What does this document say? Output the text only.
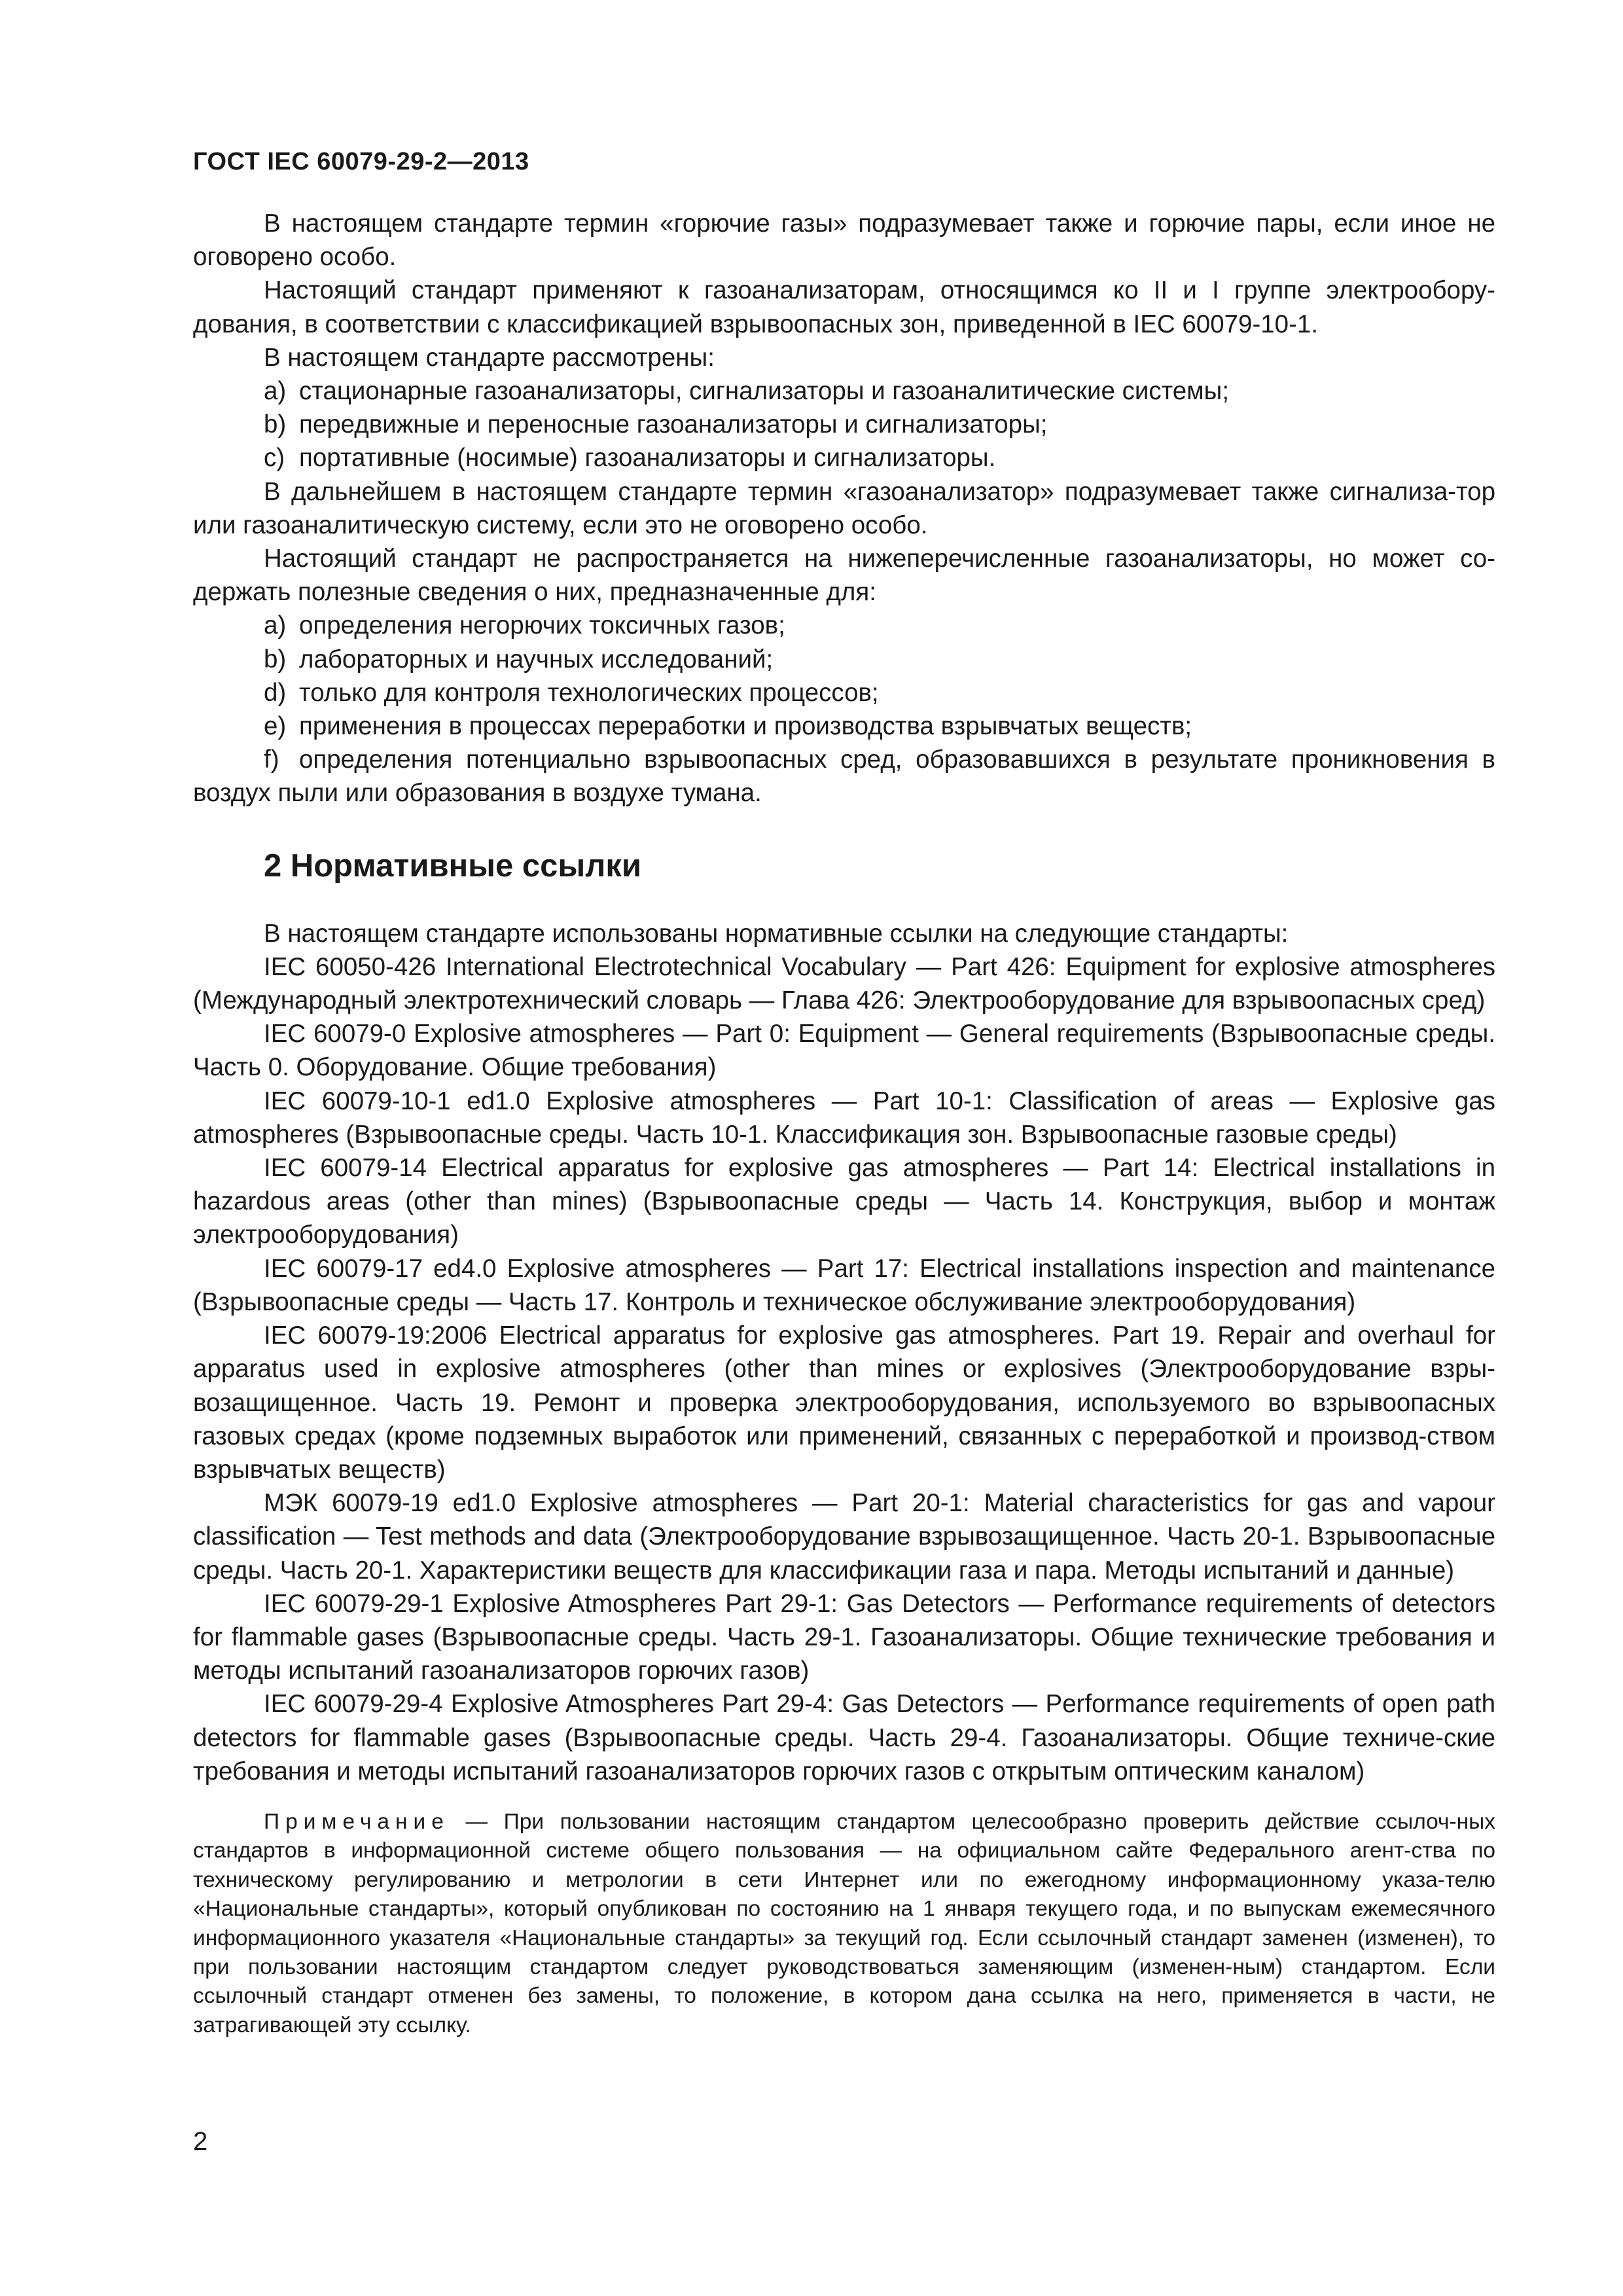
ГОСТ IEC 60079-29-2—2013

В настоящем стандарте термин «горючие газы» подразумевает также и горючие пары, если иное не оговорено особо.

Настоящий стандарт применяют к газоанализаторам, относящимся ко II и I группе электрообору-дования, в соответствии с классификацией взрывоопасных зон, приведенной в IEC 60079-10-1.

В настоящем стандарте рассмотрены:

a) стационарные газоанализаторы, сигнализаторы и газоаналитические системы;
b) передвижные и переносные газоанализаторы и сигнализаторы;
c) портативные (носимые) газоанализаторы и сигнализаторы.

В дальнейшем в настоящем стандарте термин «газоанализатор» подразумевает также сигнализа-тор или газоаналитическую систему, если это не оговорено особо.

Настоящий стандарт не распространяется на нижеперечисленные газоанализаторы, но может со-держать полезные сведения о них, предназначенные для:

a) определения негорючих токсичных газов;
b) лабораторных и научных исследований;
d) только для контроля технологических процессов;
e) применения в процессах переработки и производства взрывчатых веществ;

f) определения потенциально взрывоопасных сред, образовавшихся в результате проникновения в воздух пыли или образования в воздухе тумана.

2 Нормативные ссылки

В настоящем стандарте использованы нормативные ссылки на следующие стандарты:

IEC 60050-426 International Electrotechnical Vocabulary — Part 426: Equipment for explosive atmospheres (Международный электротехнический словарь — Глава 426: Электрооборудование для взрывоопасных сред)

IEC 60079-0 Explosive atmospheres — Part 0: Equipment — General requirements (Взрывоопасные среды. Часть 0. Оборудование. Общие требования)

IEC 60079-10-1 ed1.0 Explosive atmospheres — Part 10-1: Classification of areas — Explosive gas atmospheres (Взрывоопасные среды. Часть 10-1. Классификация зон. Взрывоопасные газовые среды)

IEC 60079-14 Electrical apparatus for explosive gas atmospheres — Part 14: Electrical installations in hazardous areas (other than mines) (Взрывоопасные среды — Часть 14. Конструкция, выбор и монтаж электрооборудования)

IEC 60079-17 ed4.0 Explosive atmospheres — Part 17: Electrical installations inspection and maintenance (Взрывоопасные среды — Часть 17. Контроль и техническое обслуживание электрооборудования)

IEC 60079-19:2006 Electrical apparatus for explosive gas atmospheres. Part 19. Repair and overhaul for apparatus used in explosive atmospheres (other than mines or explosives (Электрооборудование взры-возащищенное. Часть 19. Ремонт и проверка электрооборудования, используемого во взрывоопасных газовых средах (кроме подземных выработок или применений, связанных с переработкой и производ-ством взрывчатых веществ)

МЭК 60079-19 ed1.0 Explosive atmospheres — Part 20-1: Material characteristics for gas and vapour classification — Test methods and data (Электрооборудование взрывозащищенное. Часть 20-1. Взрывоопасные среды. Часть 20-1. Характеристики веществ для классификации газа и пара. Методы испытаний и данные)

IEC 60079-29-1 Explosive Atmospheres Part 29-1: Gas Detectors — Performance requirements of detectors for flammable gases (Взрывоопасные среды. Часть 29-1. Газоанализаторы. Общие технические требования и методы испытаний газоанализаторов горючих газов)

IEC 60079-29-4 Explosive Atmospheres Part 29-4: Gas Detectors — Performance requirements of open path detectors for flammable gases (Взрывоопасные среды. Часть 29-4. Газоанализаторы. Общие техниче-ские требования и методы испытаний газоанализаторов горючих газов с открытым оптическим каналом)

Примечание — При пользовании настоящим стандартом целесообразно проверить действие ссылоч-ных стандартов в информационной системе общего пользования — на официальном сайте Федерального агент-ства по техническому регулированию и метрологии в сети Интернет или по ежегодному информационному указа-телю «Национальные стандарты», который опубликован по состоянию на 1 января текущего года, и по выпускам ежемесячного информационного указателя «Национальные стандарты» за текущий год. Если ссылочный стандарт заменен (изменен), то при пользовании настоящим стандартом следует руководствоваться заменяющим (изменен-ным) стандартом. Если ссылочный стандарт отменен без замены, то положение, в котором дана ссылка на него, применяется в части, не затрагивающей эту ссылку.

2
